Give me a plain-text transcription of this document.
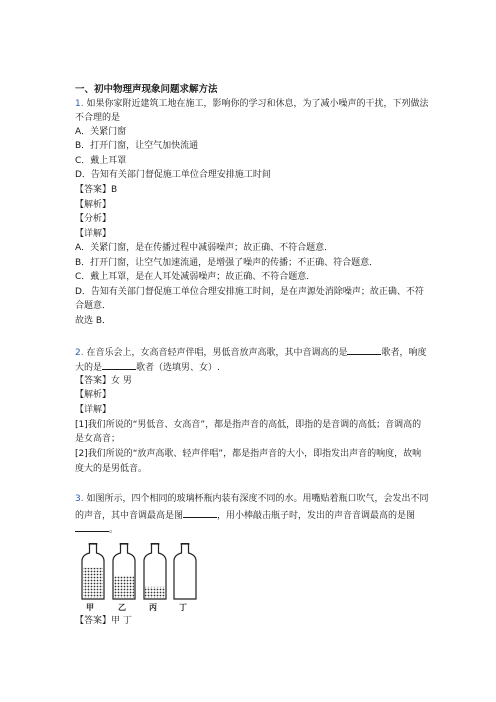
一、初中物理声现象问题求解方法
1. 如果你家附近建筑工地在施工，影响你的学习和休息，为了减小噪声的干扰，下列做法
不合理的是
A．关紧门窗
B．打开门窗，让空气加快流通
C．戴上耳罩
D．告知有关部门督促施工单位合理安排施工时间
【答案】B
【解析】
【分析】
【详解】
A．关紧门窗，是在传播过程中减弱噪声；故正确、不符合题意．
B．打开门窗，让空气加速流通，是增强了噪声的传播；不正确、符合题意．
C．戴上耳罩，是在人耳处减弱噪声；故正确、不符合题意．
D．告知有关部门督促施工单位合理安排施工时间，是在声源处消除噪声；故正确、不符
合题意．
故选 B．
2. 在音乐会上，女高音轻声伴唱，男低音放声高歌，其中音调高的是	歌者，响度
大的是	歌者（选填男、女）.
【答案】女 男
【解析】
【详解】
[1]我们所说的“男低音、女高音”，都是指声音的高低，即指的是音调的高低；音调高的
是女高音；
[2]我们所说的“放声高歌、轻声伴唱”，都是指声音的大小，即指发出声音的响度，故响
度大的是男低音。
3. 如图所示，四个相同的玻璃杯瓶内装有深度不同的水。用嘴贴着瓶口吹气，会发出不同
的声音，其中音调最高是图	，用小棒敲击瓶子时，发出的声音音调最高的是图
。
甲	乙	丙	丁
【答案】甲 丁
